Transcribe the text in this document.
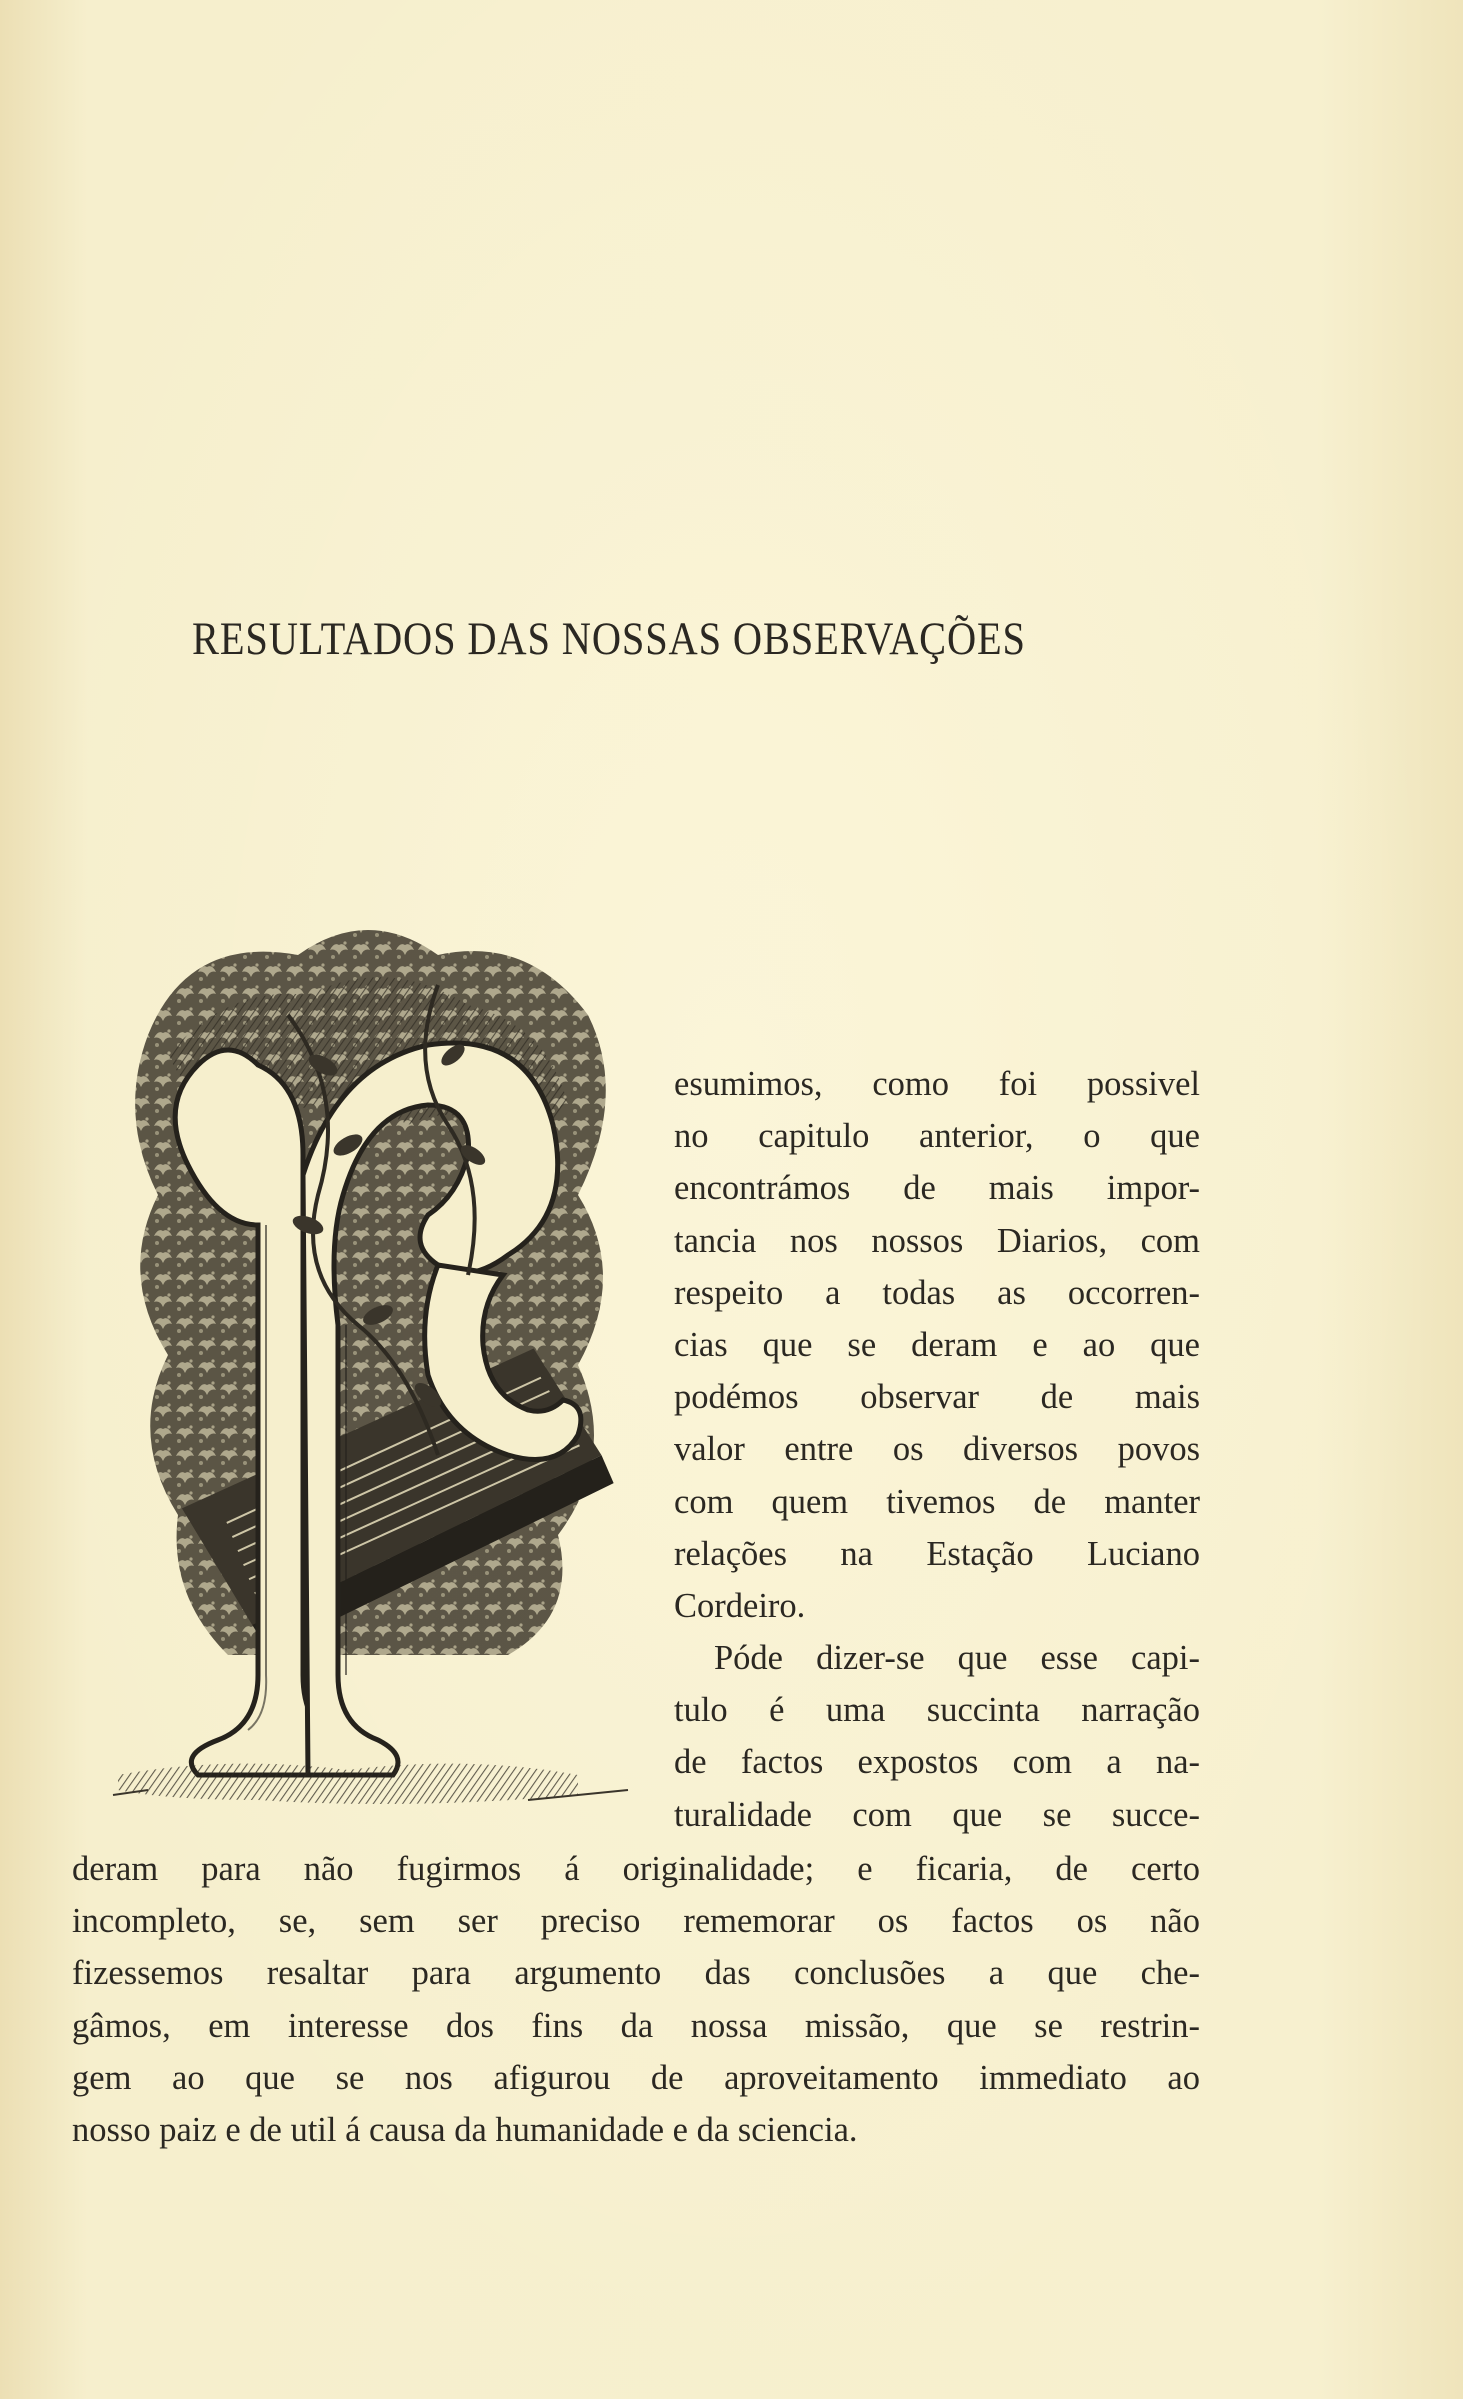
RESULTADOS DAS NOSSAS OBSERVAÇÕES
esumimos, como foi possivel
no capitulo anterior, o que
encontrámos de mais impor-
tancia nos nossos Diarios, com
respeito a todas as occorren-
cias que se deram e ao que
podémos observar de mais
valor entre os diversos povos
com quem tivemos de manter
relações na Estação Luciano
Cordeiro.
Póde dizer-se que esse capi-
tulo é uma succinta narração
de factos expostos com a na-
turalidade com que se succe-
deram para não fugirmos á originalidade; e ficaria, de certo
incompleto, se, sem ser preciso rememorar os factos os não
fizessemos resaltar para argumento das conclusões a que che-
gâmos, em interesse dos fins da nossa missão, que se restrin-
gem ao que se nos afigurou de aproveitamento immediato ao
nosso paiz e de util á causa da humanidade e da sciencia.
